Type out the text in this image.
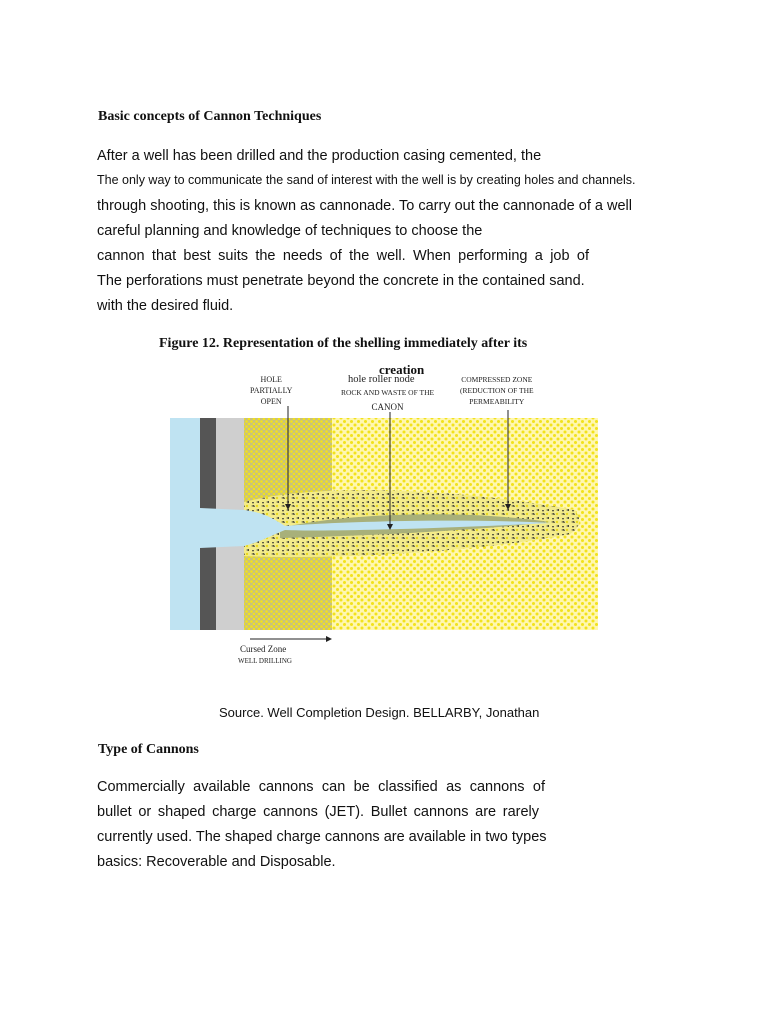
Basic concepts of Cannon Techniques

After a well has been drilled and the production casing cemented, the

The only way to communicate the sand of interest with the well is by creating holes and channels.

through shooting, this is known as cannonade. To carry out the cannonade of a well

careful planning and knowledge of techniques to choose the

cannon that best suits the needs of the well. When performing a job of

The perforations must penetrate beyond the concrete in the contained sand.

with the desired fluid.

Figure 12. Representation of the shelling immediately after its

HOLE
PARTIALLY
OPEN
hole roller node
ROCK AND WASTE OF THE
CANON
COMPRESSED ZONE
(REDUCTION OF THE
PERMEABILITY
Cursed Zone
WELL DRILLING

creation

Source. Well Completion Design. BELLARBY, Jonathan

Type of Cannons

Commercially available cannons can be classified as cannons of

bullet or shaped charge cannons (JET). Bullet cannons are rarely

currently used. The shaped charge cannons are available in two types

basics: Recoverable and Disposable.
